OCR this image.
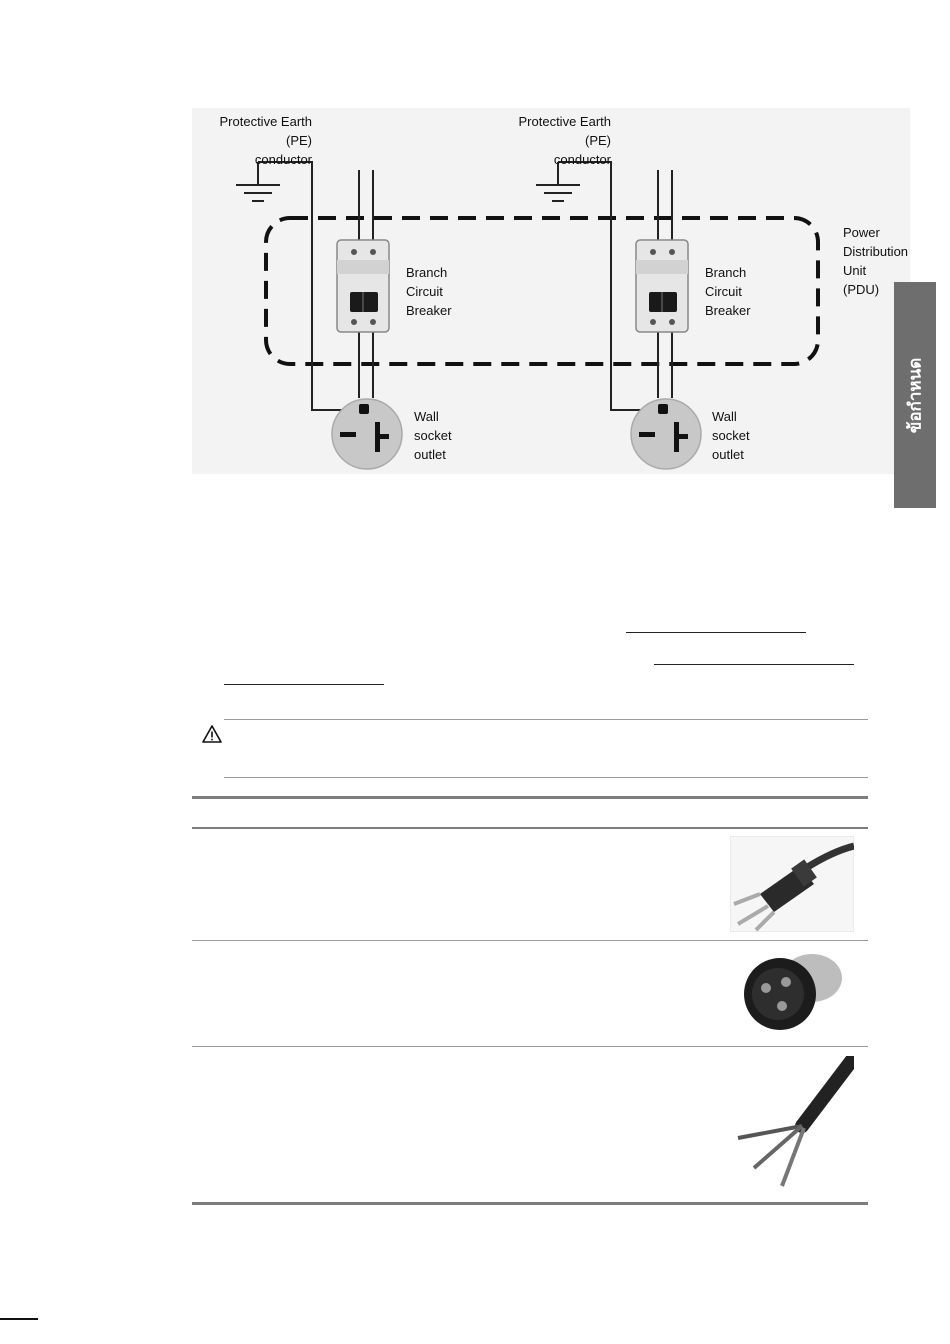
Protective Earth (PE)
conductor
Branch
Circuit
Breaker
Wall
socket
outlet
Protective Earth (PE)
conductor
Branch
Circuit
Breaker
Wall
socket
outlet
Power
Distribution
Unit
(PDU)
ข้อกำหนด
